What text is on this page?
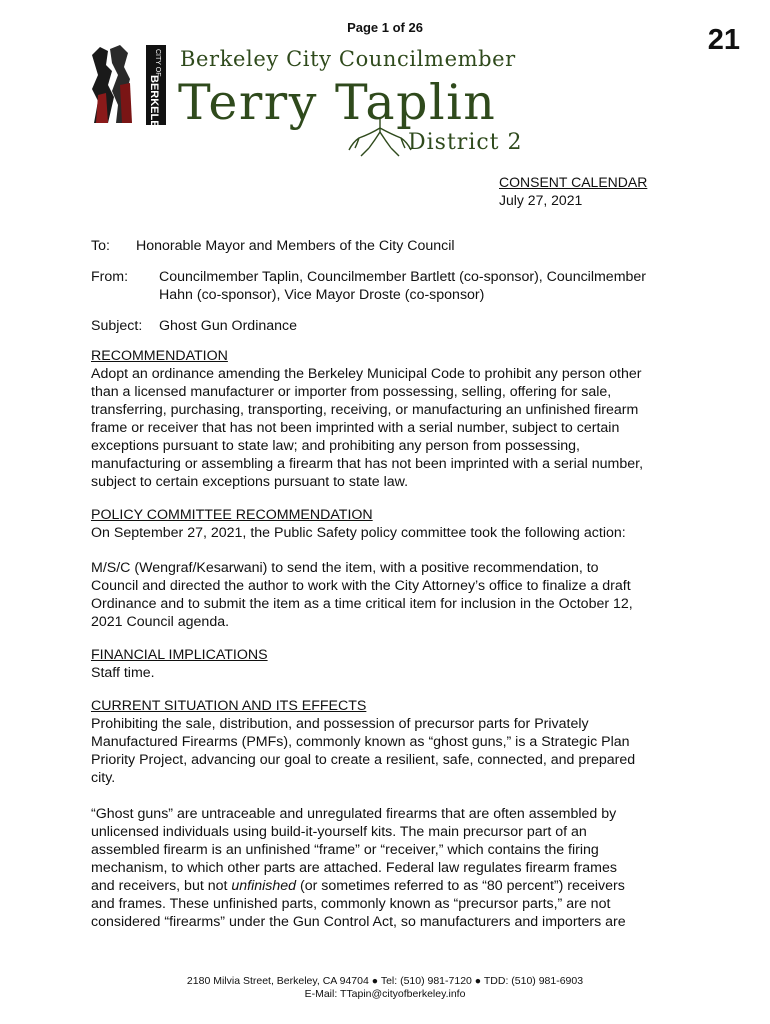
Page 1 of 26	21
CITY OF
BERKELEY
Berkeley City Councilmember
Terry Taplin
District 2
CONSENT CALENDAR
July 27, 2021
To: Honorable Mayor and Members of the City Council
From: Councilmember Taplin, Councilmember Bartlett (co-sponsor), Councilmember
Hahn (co-sponsor), Vice Mayor Droste (co-sponsor)
Subject: Ghost Gun Ordinance
RECOMMENDATION
Adopt an ordinance amending the Berkeley Municipal Code to prohibit any person other
than a licensed manufacturer or importer from possessing, selling, offering for sale,
transferring, purchasing, transporting, receiving, or manufacturing an unfinished firearm
frame or receiver that has not been imprinted with a serial number, subject to certain
exceptions pursuant to state law; and prohibiting any person from possessing,
manufacturing or assembling a firearm that has not been imprinted with a serial number,
subject to certain exceptions pursuant to state law.
POLICY COMMITTEE RECOMMENDATION
On September 27, 2021, the Public Safety policy committee took the following action:
M/S/C (Wengraf/Kesarwani) to send the item, with a positive recommendation, to
Council and directed the author to work with the City Attorney’s office to finalize a draft
Ordinance and to submit the item as a time critical item for inclusion in the October 12,
2021 Council agenda.
FINANCIAL IMPLICATIONS
Staff time.
CURRENT SITUATION AND ITS EFFECTS
Prohibiting the sale, distribution, and possession of precursor parts for Privately
Manufactured Firearms (PMFs), commonly known as “ghost guns,” is a Strategic Plan
Priority Project, advancing our goal to create a resilient, safe, connected, and prepared
city.
“Ghost guns” are untraceable and unregulated firearms that are often assembled by
unlicensed individuals using build-it-yourself kits. The main precursor part of an
assembled firearm is an unfinished “frame” or “receiver,” which contains the firing
mechanism, to which other parts are attached. Federal law regulates firearm frames
and receivers, but not unfinished (or sometimes referred to as “80 percent”) receivers
and frames. These unfinished parts, commonly known as “precursor parts,” are not
considered “firearms” under the Gun Control Act, so manufacturers and importers are
2180 Milvia Street, Berkeley, CA 94704 ● Tel: (510) 981-7120 ● TDD: (510) 981-6903
E-Mail: TTapin@cityofberkeley.info
